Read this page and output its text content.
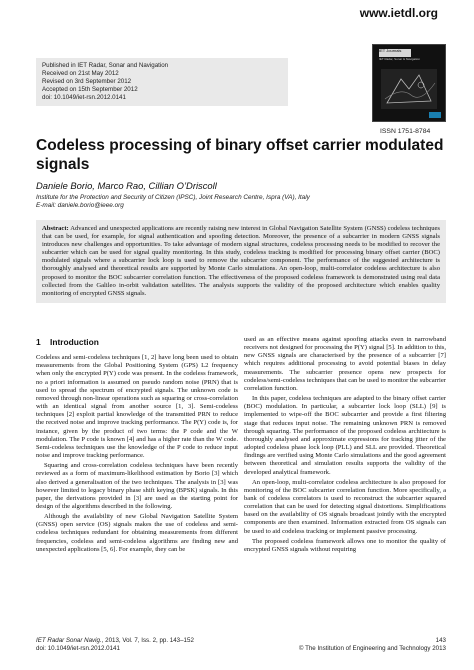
www.ietdl.org
Published in IET Radar, Sonar and Navigation
Received on 21st May 2012
Revised on 3rd September 2012
Accepted on 15th September 2012
doi: 10.1049/iet-rsn.2012.0141
IET Journals
IET Radar, Sonar & Navigation
ISSN 1751-8784
Codeless processing of binary offset carrier modulated signals
Daniele Borio, Marco Rao, Cillian O’Driscoll
Institute for the Protection and Security of Citizen (IPSC), Joint Research Centre, Ispra (VA), Italy
E-mail: daniele.borio@ieee.org
Abstract: Advanced and unexpected applications are recently raising new interest in Global Navigation Satellite System (GNSS) codeless techniques that can be used, for example, for signal authentication and spoofing detection. Moreover, the presence of a subcarrier in modern GNSS signals introduces new challenges and opportunities. To take advantage of modern signal structures, codeless processing needs to be modified to recover the subcarrier which can be used for signal quality monitoring. In this study, codeless tracking is modified for processing binary offset carrier (BOC) modulated signals where a subcarrier lock loop is used to remove the subcarrier component. The performance of the suggested architecture is thoroughly analysed and theoretical results are supported by Monte Carlo simulations. An open-loop, multi-correlator codeless architecture is also proposed to monitor the BOC subcarrier correlation function. The effectiveness of the proposed codeless framework is demonstrated using real data collected from the Galileo in-orbit validation satellites. The analysis supports the validity of the proposed architecture which enables quality monitoring of encrypted GNSS signals.
1 Introduction

Codeless and semi-codeless techniques [1, 2] have long been used to obtain measurements from the Global Positioning System (GPS) L2 frequency when only the encrypted P(Y) code was present. In the codeless framework, no a priori information is assumed on pseudo random noise (PRN) that is used to spread the spectrum of encrypted signals. The unknown code is removed through non-linear operations such as squaring or cross-correlation with an identical signal from another source [1, 3]. Semi-codeless techniques [2] exploit partial knowledge of the transmitted PRN to reduce the received noise and improve tracking performance. The P(Y) code is, for instance, given by the product of two terms: the P code and the W modulation. The P code is known [4] and has a higher rate than the W code. Semi-codeless techniques use the knowledge of the P code to reduce input noise and improve tracking performance.

Squaring and cross-correlation codeless techniques have been recently reviewed as a form of maximum-likelihood estimation by Borio [3] which also derived a generalisation of the two techniques. The analysis in [3] was however limited to legacy binary phase shift keying (BPSK) signals. In this paper, the derivations provided in [3] are used as the starting point for design of the algorithms described in the following.

Although the availability of new Global Navigation Satellite System (GNSS) open service (OS) signals makes the use of codeless and semi-codeless techniques redundant for obtaining measurements from different frequencies, codeless and semi-codeless algorithms are finding new and unexpected applications [5, 6]. For example, they can be

used as an effective means against spoofing attacks even in narrowband receivers not designed for processing the P(Y) signal [5]. In addition to this, new GNSS signals are characterised by the presence of a subcarrier [7] which requires additional processing to avoid potential biases in delay measurements. The subcarrier presence opens new prospects for codeless/semi-codeless techniques that can be used to monitor the subcarrier correlation function.

In this paper, codeless techniques are adapted to the binary offset carrier (BOC) modulation. In particular, a subcarrier lock loop (SLL) [9] is implemented to wipe-off the BOC subcarrier and provide a first filtering stage that reduces input noise. The remaining unknown PRN is removed through squaring. The performance of the proposed codeless architecture is thoroughly analysed and approximate expressions for tracking jitter of the adopted codeless phase lock loop (PLL) and SLL are provided. Theoretical findings are verified using Monte Carlo simulations and the good agreement between theoretical and simulation results supports the validity of the developed analytical framework.

An open-loop, multi-correlator codeless architecture is also proposed for monitoring of the BOC subcarrier correlation function. More specifically, a bank of codeless correlators is used to reconstruct the subcarrier squared correlation that can be used for detecting signal distortions. Simplifications based on the availability of OS signals broadcast jointly with the encrypted components are then examined. Information extracted from OS signals can be used to aid codeless tracking or implement passive processing.

The proposed codeless framework allows one to monitor the quality of encrypted GNSS signals without requiring

IET Radar Sonar Navig., 2013, Vol. 7, Iss. 2, pp. 143–152
doi: 10.1049/iet-rsn.2012.0141
143
© The Institution of Engineering and Technology 2013
